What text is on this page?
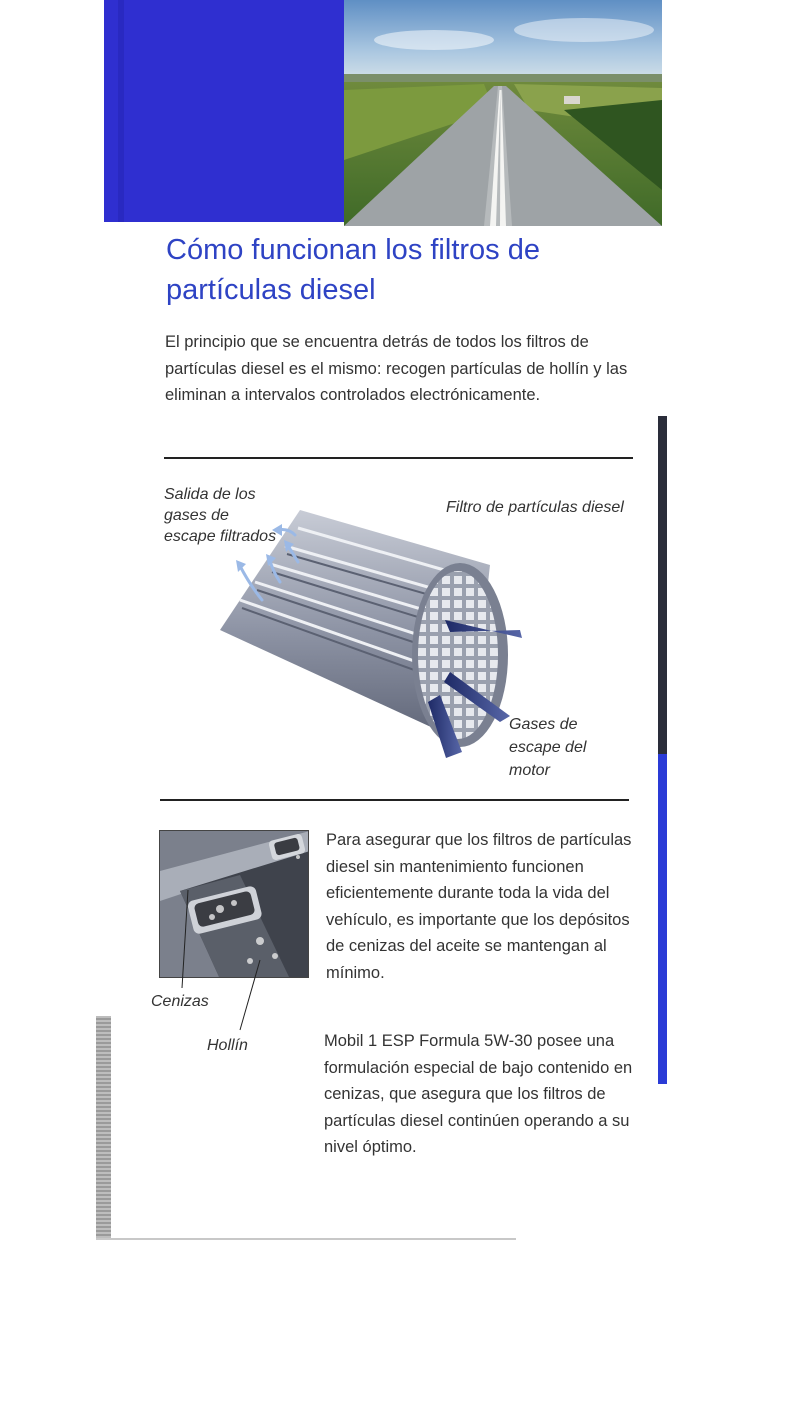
Cómo funcionan los filtros de partículas diesel

El principio que se encuentra detrás de todos los filtros de partículas diesel es el mismo: recogen partículas de hollín y las eliminan a intervalos controlados electrónicamente.

Salida de los gases de escape filtrados

Filtro de partículas diesel

Gases de escape del motor

Cenizas

Hollín

Para asegurar que los filtros de partículas diesel sin mantenimiento funcionen eficientemente durante toda la vida del vehículo, es importante que los depósitos de cenizas del aceite se mantengan al mínimo.

Mobil 1 ESP Formula 5W-30 posee una formulación especial de bajo contenido en cenizas, que asegura que los filtros de partículas diesel continúen operando a su nivel óptimo.
